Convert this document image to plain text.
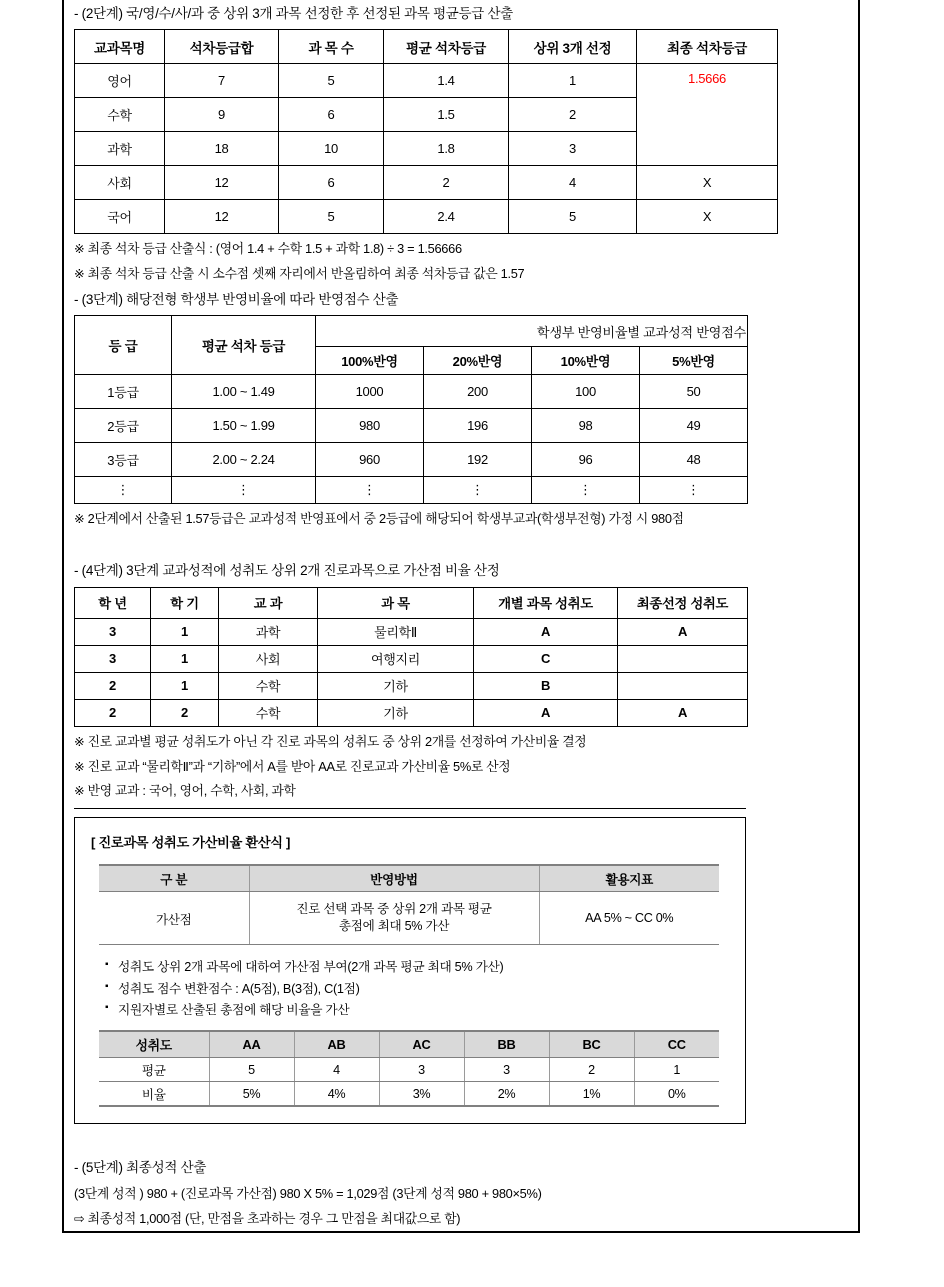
- (2단계) 국/영/수/사/과 중 상위 3개 과목 선정한 후 선정된 과목 평균등급 산출
교과목명	석차등급합	과 목 수	평균 석차등급	상위 3개 선정	최종 석차등급
영어	7	5	1.4	1	1.5666
수학	9	6	1.5	2	
과학	18	10	1.8	3	
사회	12	6	2	4	X
국어	12	5	2.4	5	X
※ 최종 석차 등급 산출식 : (영어 1.4 + 수학 1.5 + 과학 1.8) ÷ 3 = 1.56666
※ 최종 석차 등급 산출 시 소수점 셋째 자리에서 반올림하여 최종 석차등급 값은 1.57
- (3단계) 해당전형 학생부 반영비율에 따라 반영점수 산출
등 급	평균 석차 등급	학생부 반영비율별 교과성적 반영점수			
		100%반영	20%반영	10%반영	5%반영
1등급	1.00 ~ 1.49	1000	200	100	50
2등급	1.50 ~ 1.99	980	196	98	49
3등급	2.00 ~ 2.24	960	192	96	48
⋮	⋮	⋮	⋮	⋮	⋮
※ 2단계에서 산출된 1.57등급은 교과성적 반영표에서 중 2등급에 해당되어 학생부교과(학생부전형) 가정 시 980점
- (4단계) 3단계 교과성적에 성취도 상위 2개 진로과목으로 가산점 비율 산정
학 년	학 기	교 과	과 목	개별 과목 성취도	최종선정 성취도
3	1	과학	물리학Ⅱ	A	A
3	1	사회	여행지리	C	
2	1	수학	기하	B	
2	2	수학	기하	A	A
※ 진로 교과별 평균 성취도가 아닌 각 진로 과목의 성취도 중 상위 2개를 선정하여 가산비율 결정
※ 진로 교과 “물리학Ⅱ”과 “기하”에서 A를 받아 AA로 진로교과 가산비율 5%로 산정
※ 반영 교과 : 국어, 영어, 수학, 사회, 과학
[ 진로과목 성취도 가산비율 환산식 ]
구 분	반영방법	활용지표
가산점	진로 선택 과목 중 상위 2개 과목 평균
총점에 최대 5% 가산	AA 5% ~ CC 0%
▪ 성취도 상위 2개 과목에 대하여 가산점 부여(2개 과목 평균 최대 5% 가산)
▪ 성취도 점수 변환점수 : A(5점), B(3점), C(1점)
▪ 지원자별로 산출된 총점에 해당 비율을 가산
성취도	AA	AB	AC	BB	BC	CC
평균	5	4	3	3	2	1
비율	5%	4%	3%	2%	1%	0%
- (5단계) 최종성적 산출
(3단계 성적 ) 980 + (진로과목 가산점) 980 X 5% = 1,029점 (3단계 성적 980 + 980×5%)
⇨ 최종성적 1,000점 (단, 만점을 초과하는 경우 그 만점을 최대값으로 함)
